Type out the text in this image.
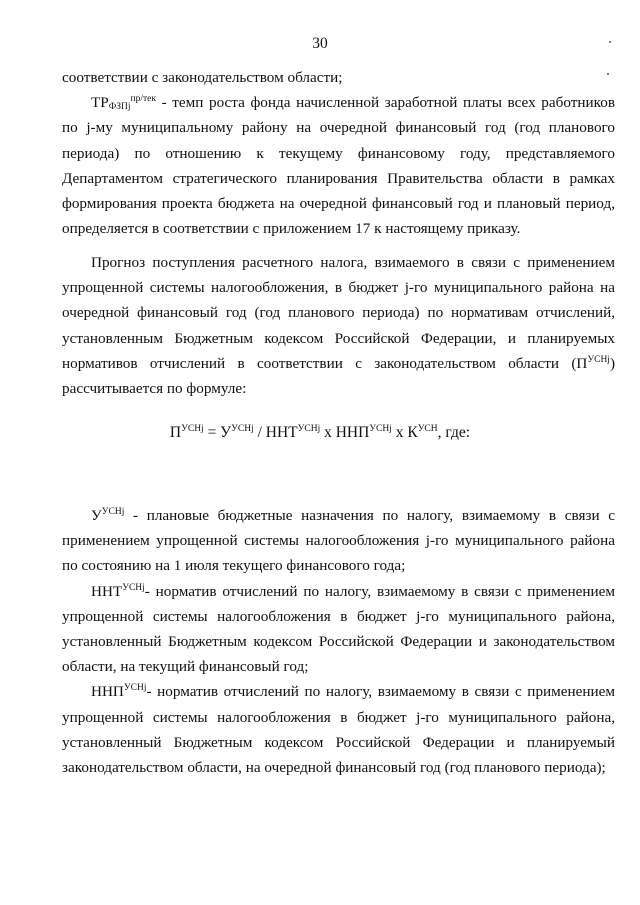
30

соответствии с законодательством области;

$ТР_{ФЗПj}^{пр/тек}$ - темп роста фонда начисленной заработной платы всех работников по j-му муниципальному району на очередной финансовый год (год планового периода) по отношению к текущему финансовому году, представляемого Департаментом стратегического планирования Правительства области в рамках формирования проекта бюджета на очередной финансовый год и плановый период, определяется в соответствии с приложением 17 к настоящему приказу.

Прогноз поступления расчетного налога, взимаемого в связи с применением упрощенной системы налогообложения, в бюджет j-го муниципального района на очередной финансовый год (год планового периода) по нормативам отчислений, установленным Бюджетным кодексом Российской Федерации, и планируемых нормативов отчислений в соответствии с законодательством области $(П^{УСНj})$ рассчитывается по формуле:

$П^{УСНj} = У^{УСНj} / ННТ^{УСНj}$ х $ННП^{УСНj}$ х $К^{УСН}$, где:

$У^{УСНj}$ - плановые бюджетные назначения по налогу, взимаемому в связи с применением упрощенной системы налогообложения j-го муниципального района по состоянию на 1 июля текущего финансового года;

$ННТ^{УСНj}-$ норматив отчислений по налогу, взимаемому в связи с применением упрощенной системы налогообложения в бюджет j-го муниципального района, установленный Бюджетным кодексом Российской Федерации и законодательством области, на текущий финансовый год;

$ННП^{УСНj}-$ норматив отчислений по налогу, взимаемому в связи с применением упрощенной системы налогообложения в бюджет j-го муниципального района, установленный Бюджетным кодексом Российской Федерации и планируемый законодательством области, на очередной финансовый год (год планового периода);
